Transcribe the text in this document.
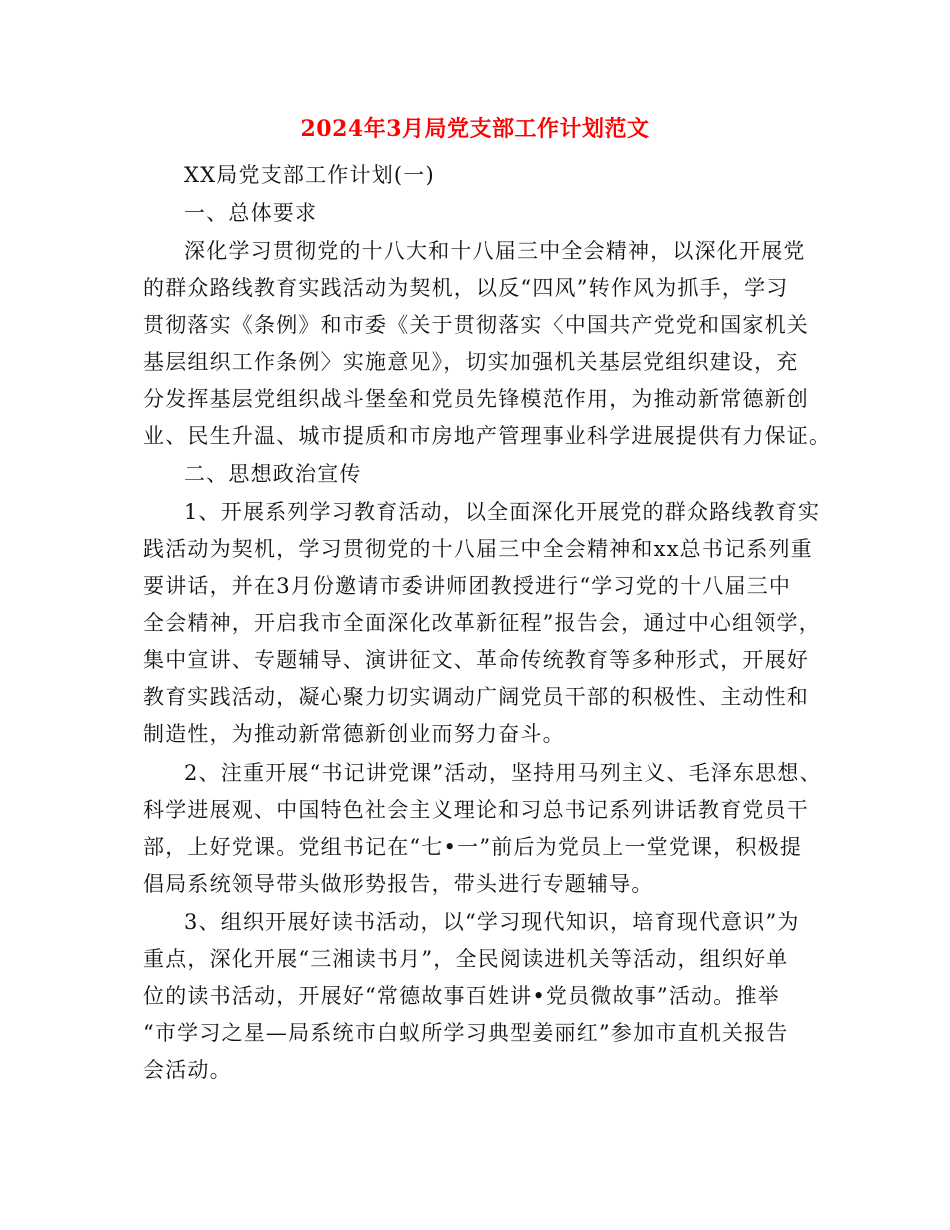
2024年3月局党支部工作计划范文
XX局党支部工作计划(一)
一、总体要求
深化学习贯彻党的十八大和十八届三中全会精神，以深化开展党
的群众路线教育实践活动为契机，以反“四风”转作风为抓手，学习
贯彻落实《条例》和市委《关于贯彻落实〈中国共产党党和国家机关
基层组织工作条例〉实施意见》，切实加强机关基层党组织建设，充
分发挥基层党组织战斗堡垒和党员先锋模范作用，为推动新常德新创
业、民生升温、城市提质和市房地产管理事业科学进展提供有力保证。
二、思想政治宣传
1、开展系列学习教育活动，以全面深化开展党的群众路线教育实
践活动为契机，学习贯彻党的十八届三中全会精神和xx总书记系列重
要讲话，并在3月份邀请市委讲师团教授进行“学习党的十八届三中
全会精神，开启我市全面深化改革新征程”报告会，通过中心组领学，
集中宣讲、专题辅导、演讲征文、革命传统教育等多种形式，开展好
教育实践活动，凝心聚力切实调动广阔党员干部的积极性、主动性和
制造性，为推动新常德新创业而努力奋斗。
2、注重开展“书记讲党课”活动，坚持用马列主义、毛泽东思想、
科学进展观、中国特色社会主义理论和习总书记系列讲话教育党员干
部，上好党课。党组书记在“七•一”前后为党员上一堂党课，积极提
倡局系统领导带头做形势报告，带头进行专题辅导。
3、组织开展好读书活动，以“学习现代知识，培育现代意识”为
重点，深化开展“三湘读书月”，全民阅读进机关等活动，组织好单
位的读书活动，开展好“常德故事百姓讲•党员微故事”活动。推举
“市学习之星—局系统市白蚁所学习典型姜丽红”参加市直机关报告
会活动。
